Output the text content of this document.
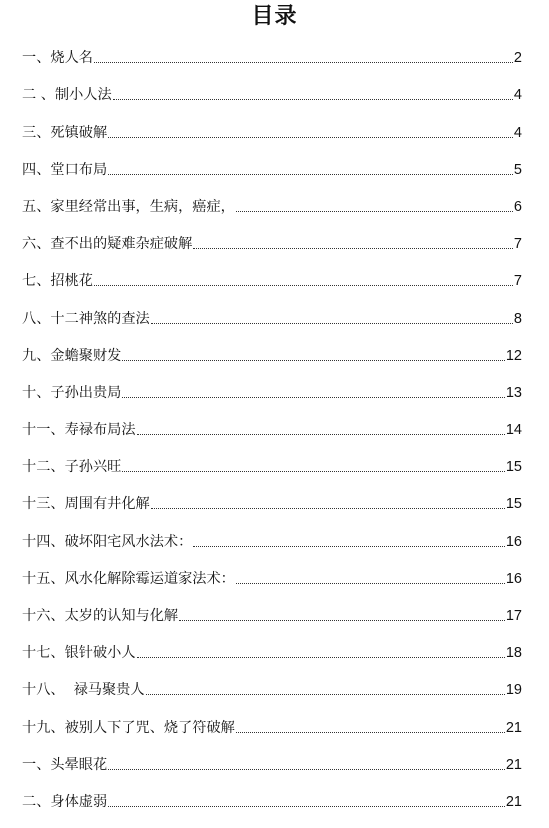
目录
一、烧人名	2
二 、制小人法	4
三、死镇破解	4
四、堂口布局	5
五、家里经常出事，生病，癌症，	6
六、查不出的疑难杂症破解	7
七、招桃花	7
八、十二神煞的查法	8
九、金蟾聚财发	12
十、子孙出贵局	13
十一、寿禄布局法	14
十二、子孙兴旺	15
十三、周围有井化解	15
十四、破坏阳宅风水法术：	16
十五、风水化解除霉运道家法术：	16
十六、太岁的认知与化解	17
十七、银针破小人	18
十八、  禄马聚贵人	19
十九、被别人下了咒、烧了符破解	21
一、头晕眼花	21
二、身体虚弱	21
